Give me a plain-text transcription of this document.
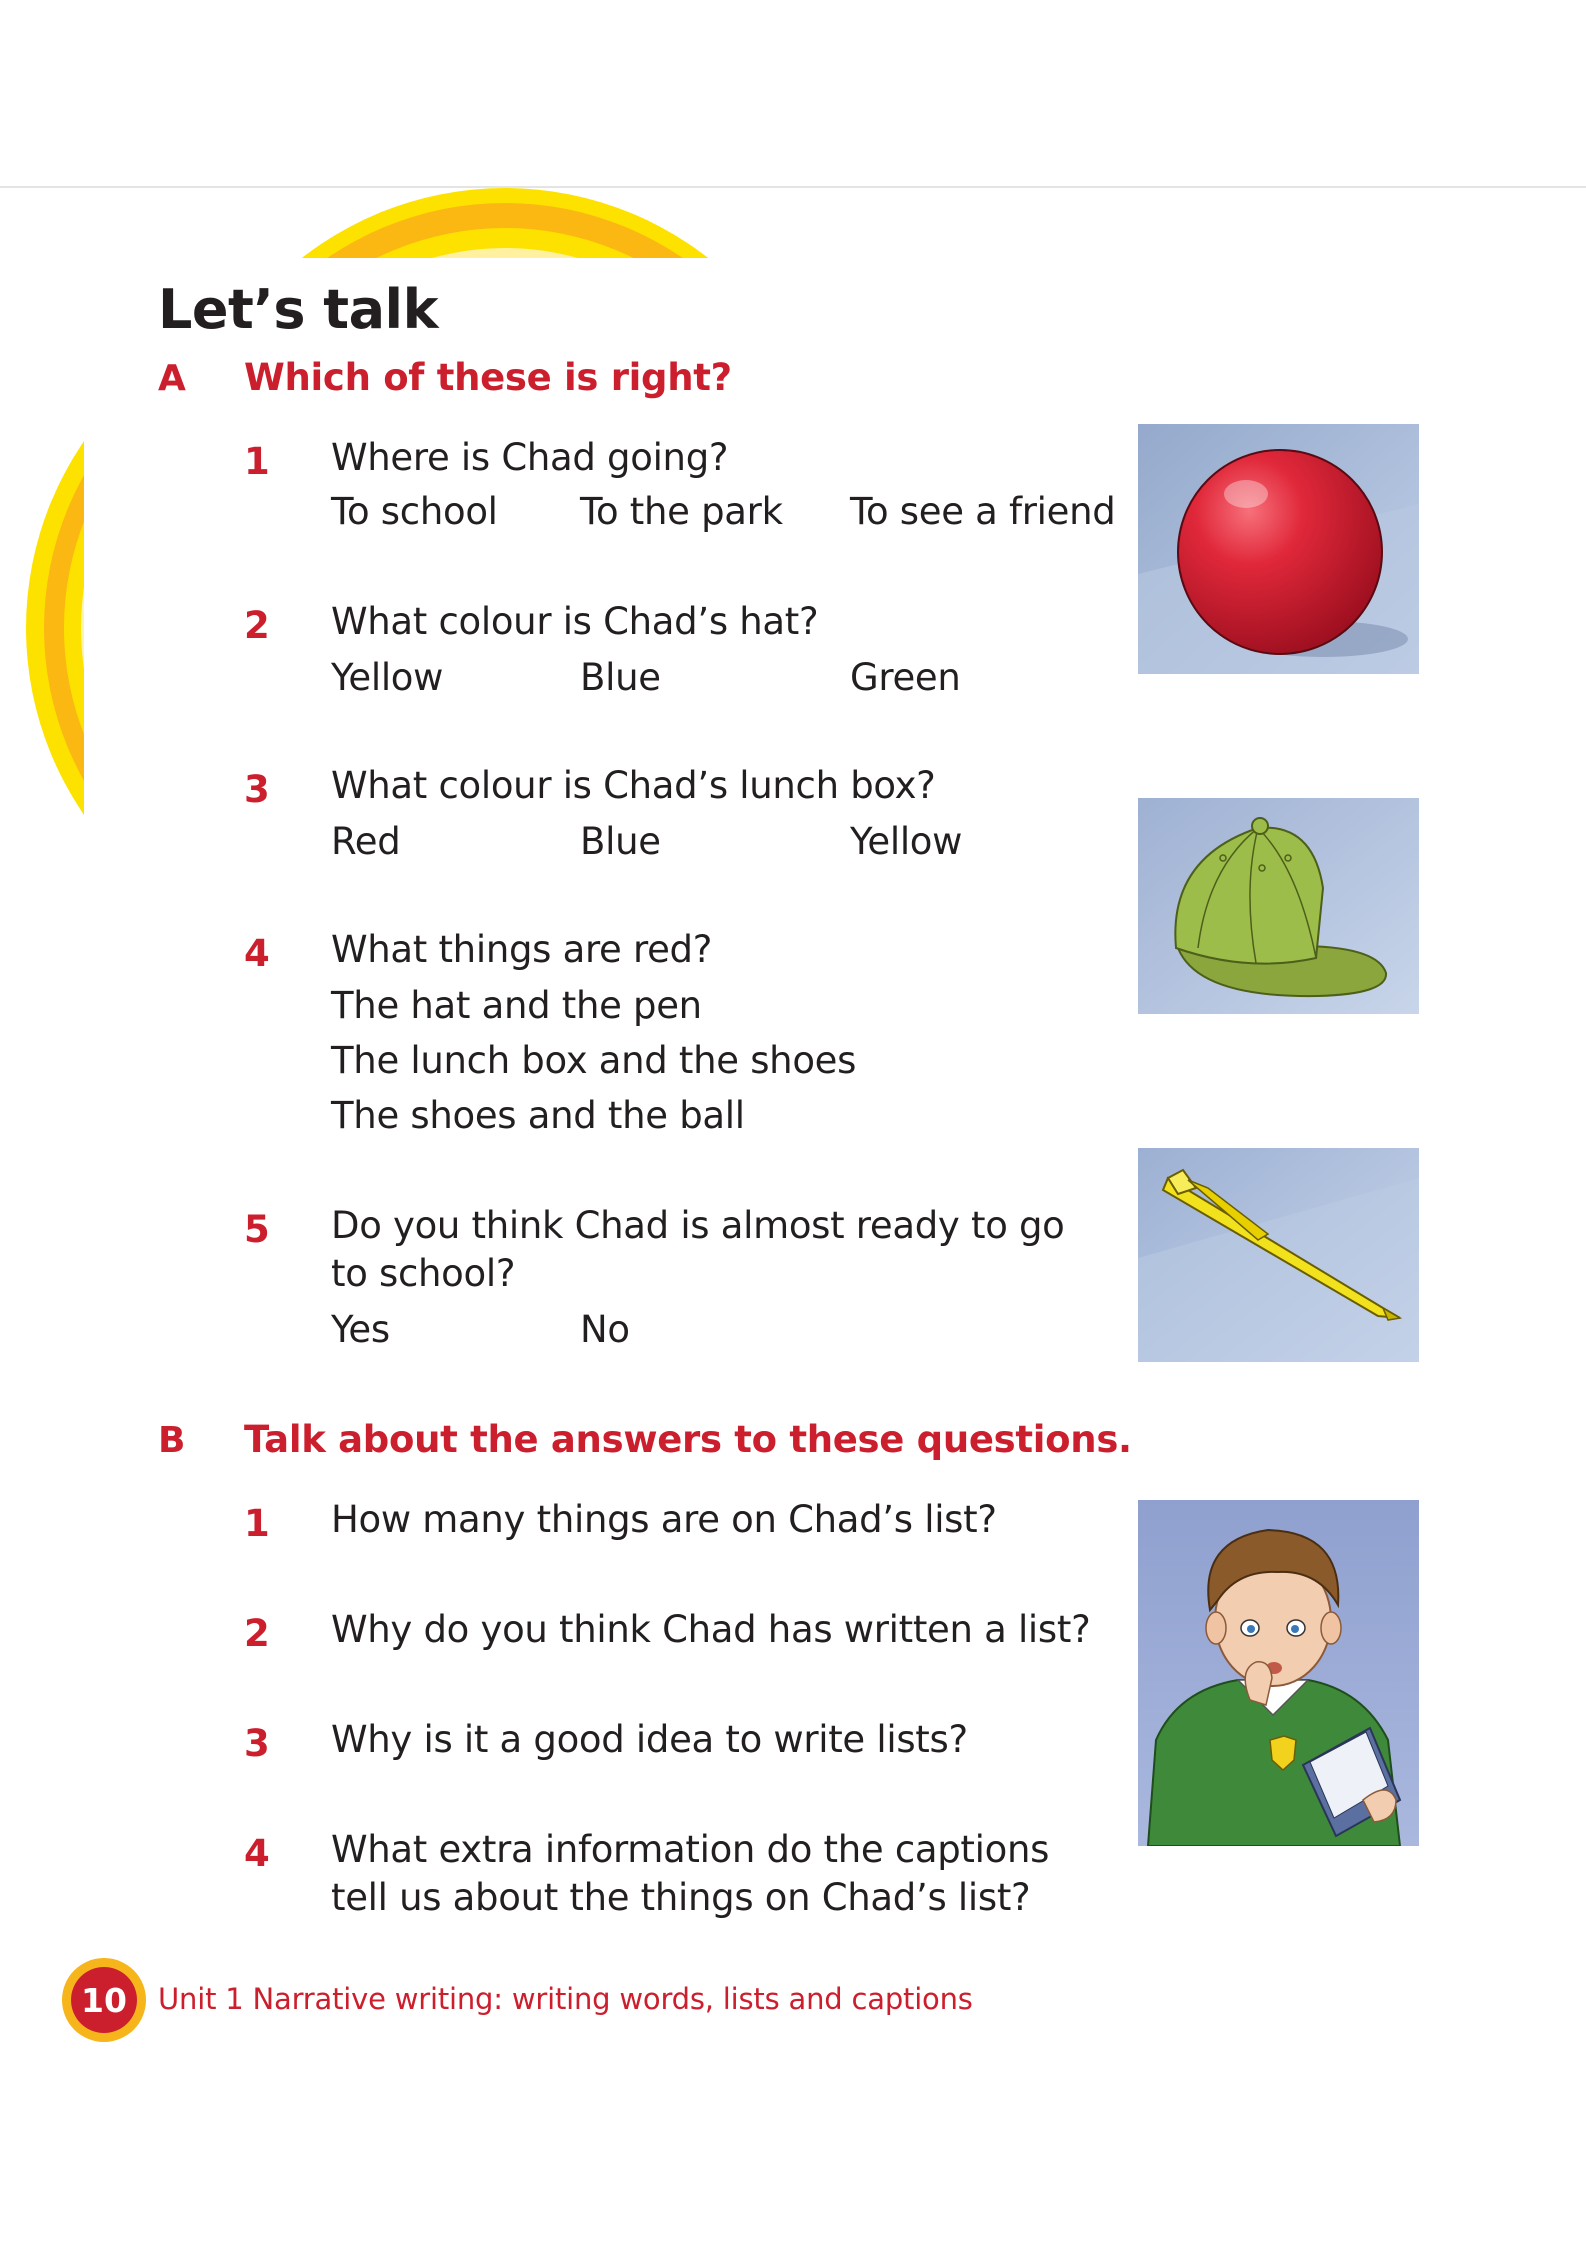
Let’s talk
A Which of these is right?
1 Where is Chad going?
To school To the park To see a friend
2 What colour is Chad’s hat?
Yellow	Blue	Green
3 What colour is Chad’s lunch box?
Red	Blue	Yellow
4 What things are red?
The hat and the pen
The lunch box and the shoes
The shoes and the ball
5 Do you think Chad is almost ready to go
to school?
Yes	No
B Talk about the answers to these questions.
1 How many things are on Chad’s list?
2 Why do you think Chad has written a list?
3 Why is it a good idea to write lists?
4 What extra information do the captions
tell us about the things on Chad’s list?
10	Unit 1 Narrative writing: writing words, lists and captions
